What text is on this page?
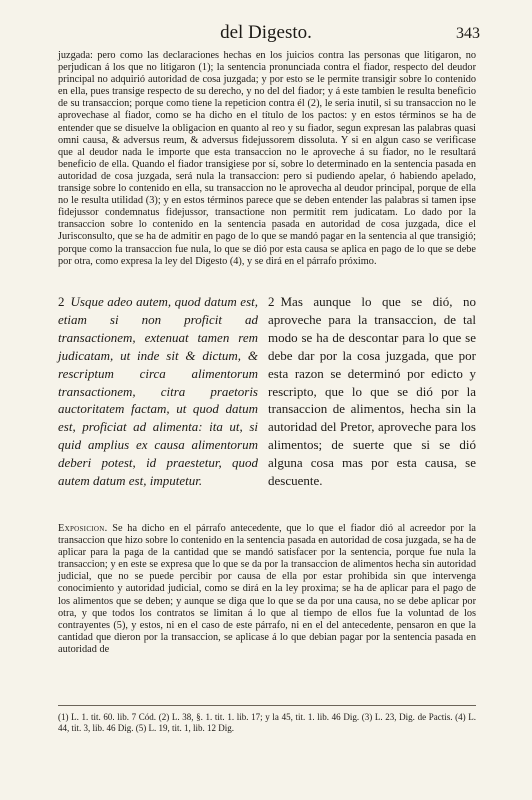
del Digesto.	343

juzgada: pero como las declaraciones hechas en los juicios contra las personas que litigaron, no perjudican á los que no litigaron (1); la sentencia pronunciada contra el fiador, respecto del deudor principal no adquirió autoridad de cosa juzgada; y por esto se le permite transigir sobre lo contenido en ella, pues transige respecto de su derecho, y no del del fiador; y á este tambien le resulta beneficio de su transaccion; porque como tiene la repeticion contra él (2), le seria inutil, si su transaccion no le aprovechase al fiador, como se ha dicho en el título de los pactos: y en estos términos se ha de entender que se disuelve la obligacion en quanto al reo y su fiador, segun expresan las palabras quasi omni causa, & adversus reum, & adversus fidejussorem dissoluta. Y si en algun caso se verificase que al deudor nada le importe que esta transaccion no le aproveche á su fiador, no le resultará beneficio de ella. Quando el fiador transigiese por sí, sobre lo determinado en la sentencia pasada en autoridad de cosa juzgada, será nula la transaccion: pero si pudiendo apelar, ó habiendo apelado, transige sobre lo contenido en ella, su transaccion no le aprovecha al deudor principal, porque de ella no le resulta utilidad (3); y en estos términos parece que se deben entender las palabras si tamen ipse fidejussor condemnatus fidejussor, transactione non permitit rem judicatam. Lo dado por la transaccion sobre lo contenido en la sentencia pasada en autoridad de cosa juzgada, dice el Jurisconsulto, que se ha de admitir en pago de lo que se mandó pagar en la sentencia al que transigió; porque como la transaccion fue nula, lo que se dió por esta causa se aplica en pago de lo que se debe por otra, como expresa la ley del Digesto (4), y se dirá en el párrafo próximo.

2 Usque adeo autem, quod datum est, etiam si non proficit ad transactionem, extenuat tamen rem judicatam, ut inde sit & dictum, & rescriptum circa alimentorum transactionem, citra praetoris auctoritatem factam, ut quod datum est, proficiat ad alimenta: ita ut, si quid amplius ex causa alimentorum deberi potest, id praestetur, quod autem datum est, imputetur.
2 Mas aunque lo que se dió, no aproveche para la transaccion, de tal modo se ha de descontar para lo que se debe dar por la cosa juzgada, que por esta razon se determinó por edicto y rescripto, que lo que se dió por la transaccion de alimentos, hecha sin la autoridad del Pretor, aproveche para los alimentos; de suerte que si se dió alguna cosa mas por esta causa, se descuente.
Exposicion. Se ha dicho en el párrafo antecedente, que lo que el fiador dió al acreedor por la transaccion que hizo sobre lo contenido en la sentencia pasada en autoridad de cosa juzgada, se ha de aplicar para la paga de la cantidad que se mandó satisfacer por la sentencia, porque fue nula la transaccion; y en este se expresa que lo que se da por la transaccion de alimentos hecha sin autoridad judicial, que no se puede percibir por causa de ella por estar prohibida sin que intervenga conocimiento y autoridad judicial, como se dirá en la ley proxima; se ha de aplicar para el pago de los alimentos que se deben; y aunque se diga que lo que se da por una causa, no se debe aplicar por otra, y que todos los contratos se limitan á lo que al tiempo de ellos fue la voluntad de los contrayentes (5), y estos, ni en el caso de este párrafo, ni en el del antecedente, pensaron en que la cantidad que dieron por la transaccion, se aplicase á lo que debian pagar por la sentencia pasada en autoridad de
(1) L. 1. tit. 60. lib. 7 Cód. (2) L. 38, §. 1. tit. 1. lib. 17; y la 45, tit. 1. lib. 46 Dig. (3) L. 23, Dig. de Pactis. (4) L. 44, tit. 3, lib. 46 Dig. (5) L. 19, tit. 1, lib. 12 Dig.
